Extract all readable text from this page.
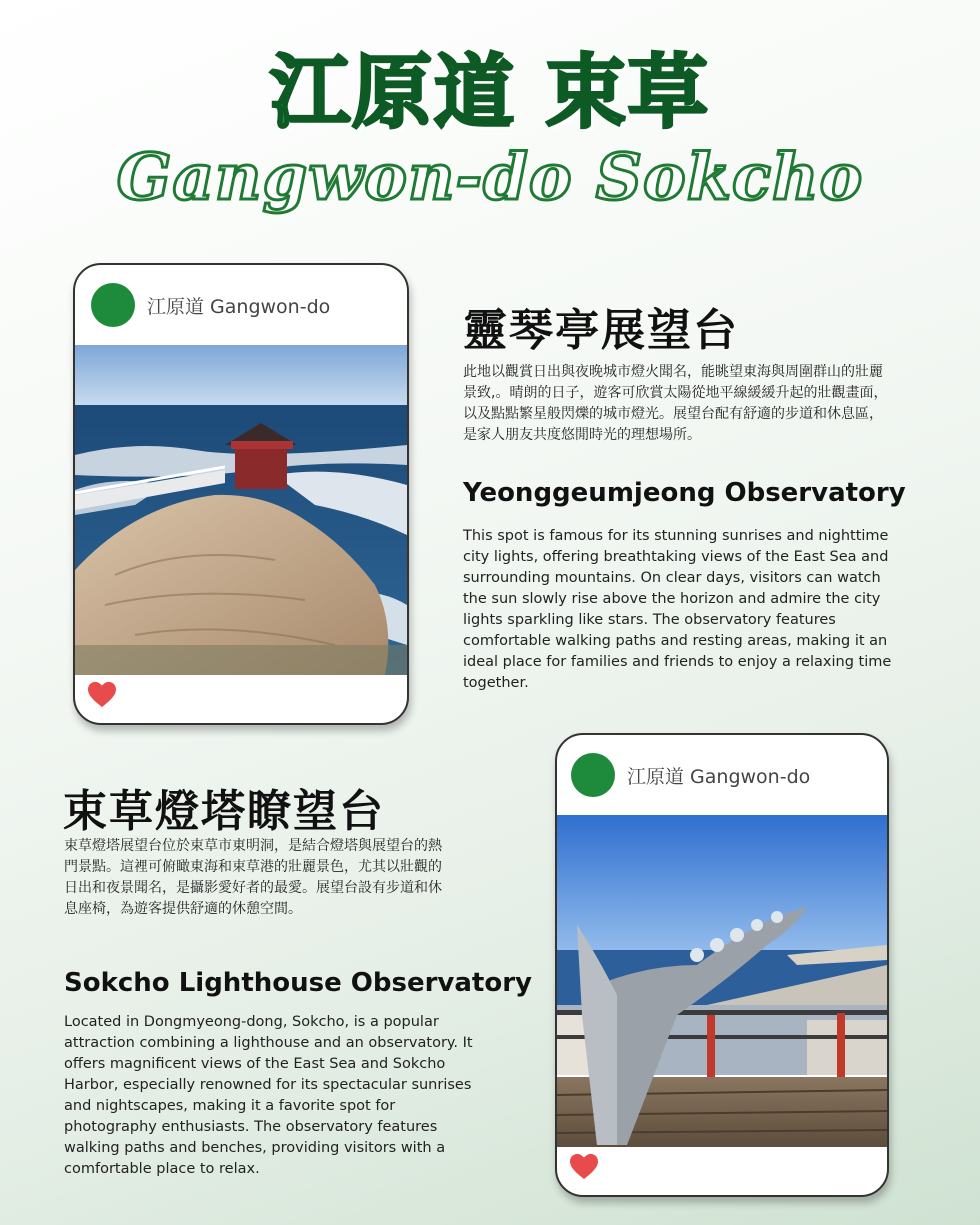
江原道 束草
Gangwon-do Sokcho
江原道 Gangwon-do	靈琴亭展望台
此地以觀賞日出與夜晚城市燈火聞名，能眺望東海與周圍群山的壯麗景致,。晴朗的日子，遊客可欣賞太陽從地平線緩緩升起的壯觀畫面，以及點點繁星般閃爍的城市燈光。展望台配有舒適的步道和休息區，是家人朋友共度悠閒時光的理想場所。
Yeonggeumjeong Observatory
This spot is famous for its stunning sunrises and nighttime city lights, offering breathtaking views of the East Sea and surrounding mountains. On clear days, visitors can watch the sun slowly rise above the horizon and admire the city lights sparkling like stars. The observatory features comfortable walking paths and resting areas, making it an ideal place for families and friends to enjoy a relaxing time together.
束草燈塔瞭望台
束草燈塔展望台位於束草市東明洞，是結合燈塔與展望台的熱門景點。這裡可俯瞰東海和束草港的壯麗景色，尤其以壯觀的日出和夜景聞名，是攝影愛好者的最愛。展望台設有步道和休息座椅，為遊客提供舒適的休憩空間。
Sokcho Lighthouse Observatory
Located in Dongmyeong-dong, Sokcho, is a popular attraction combining a lighthouse and an observatory. It offers magnificent views of the East Sea and Sokcho Harbor, especially renowned for its spectacular sunrises and nightscapes, making it a favorite spot for photography enthusiasts. The observatory features walking paths and benches, providing visitors with a comfortable place to relax.
江原道 Gangwon-do
